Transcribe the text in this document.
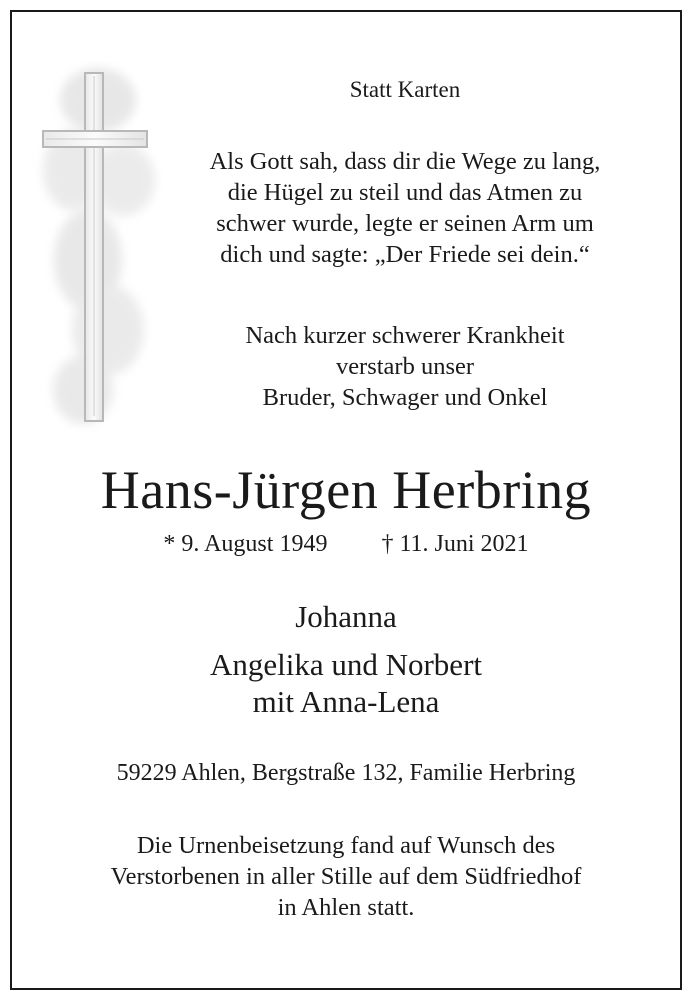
Statt Karten
Als Gott sah, dass dir die Wege zu lang,
die Hügel zu steil und das Atmen zu
schwer wurde, legte er seinen Arm um
dich und sagte: „Der Friede sei dein.“
Nach kurzer schwerer Krankheit
verstarb unser
Bruder, Schwager und Onkel
Hans-Jürgen Herbring
* 9. August 1949 † 11. Juni 2021
Johanna
Angelika und Norbert
mit Anna-Lena
59229 Ahlen, Bergstraße 132, Familie Herbring
Die Urnenbeisetzung fand auf Wunsch des
Verstorbenen in aller Stille auf dem Südfriedhof
in Ahlen statt.
